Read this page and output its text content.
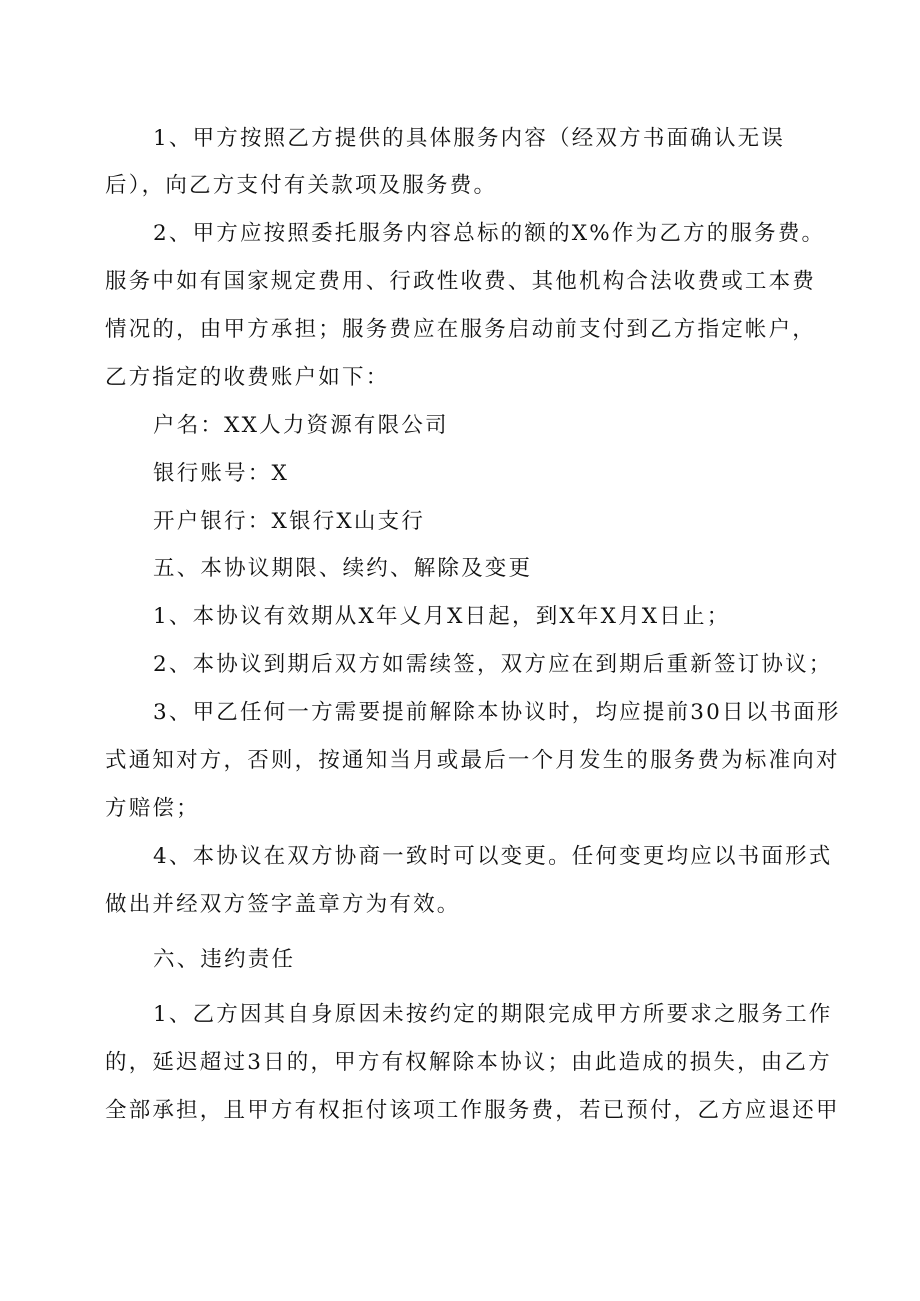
1、甲方按照乙方提供的具体服务内容（经双方书面确认无误
后），向乙方支付有关款项及服务费。
2、甲方应按照委托服务内容总标的额的X%作为乙方的服务费。
服务中如有国家规定费用、行政性收费、其他机构合法收费或工本费
情况的，由甲方承担；服务费应在服务启动前支付到乙方指定帐户，
乙方指定的收费账户如下：
户名：XX人力资源有限公司
银行账号：X
开户银行：X银行X山支行
五、本协议期限、续约、解除及变更
1、本协议有效期从X年乂月X日起，到X年X月X日止；
2、本协议到期后双方如需续签，双方应在到期后重新签订协议；
3、甲乙任何一方需要提前解除本协议时，均应提前30日以书面形
式通知对方，否则，按通知当月或最后一个月发生的服务费为标准向对
方赔偿；
4、本协议在双方协商一致时可以变更。任何变更均应以书面形式
做出并经双方签字盖章方为有效。
六、违约责任
1、乙方因其自身原因未按约定的期限完成甲方所要求之服务工作
的，延迟超过3日的，甲方有权解除本协议；由此造成的损失，由乙方
全部承担，且甲方有权拒付该项工作服务费，若已预付，乙方应退还甲
